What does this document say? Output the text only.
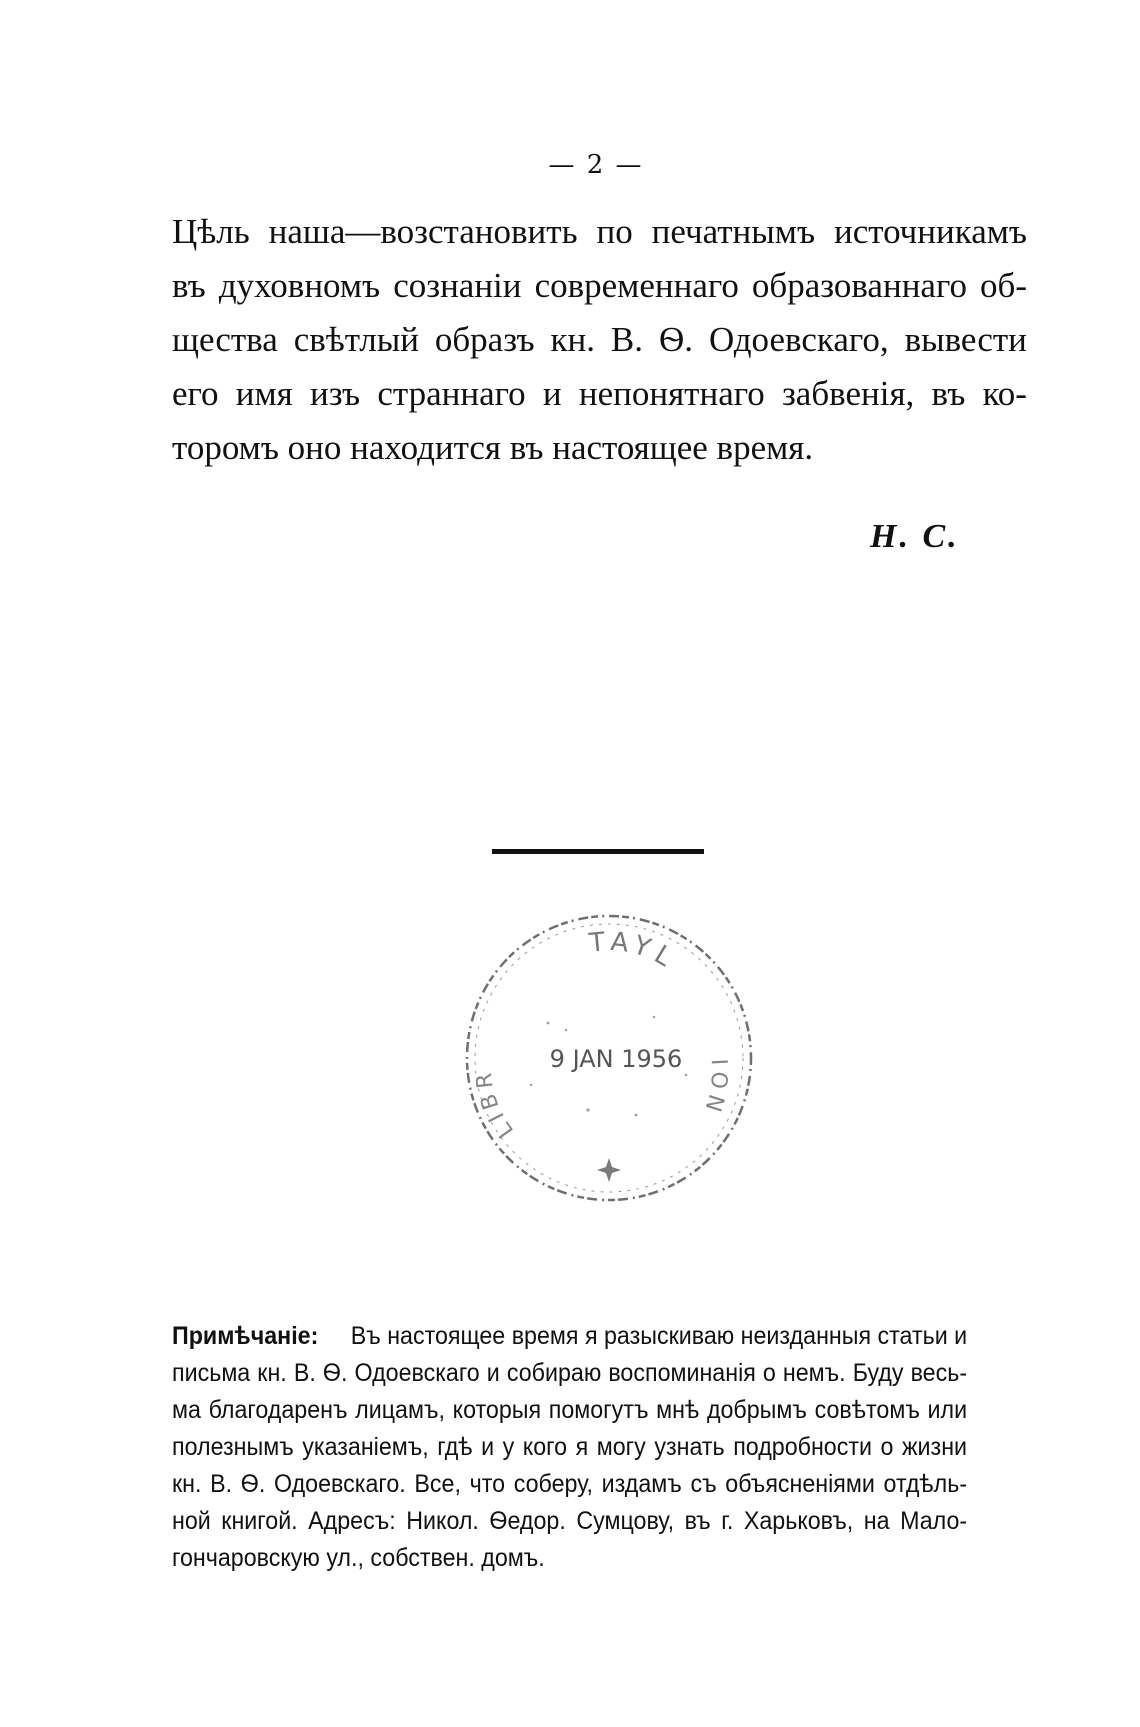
— 2 —
Цѣль наша—возстановить по печатнымъ источникамъ
въ духовномъ сознаніи современнаго образованнаго об-
щества свѣтлый образъ кн. В. Ѳ. Одоевскаго, вывести
его имя изъ страннаго и непонятнаго забвенія, въ ко-
торомъ оно находится въ настоящее время.
Н. С.
TAYL
LIBR
ION
9 JAN 1956
Примѣчаніе: Въ настоящее время я разыскиваю неизданныя статьи и
письма кн. В. Ѳ. Одоевскаго и собираю воспоминанія о немъ. Буду весь-
ма благодаренъ лицамъ, которыя помогутъ мнѣ добрымъ совѣтомъ или
полезнымъ указаніемъ, гдѣ и у кого я могу узнать подробности о жизни
кн. В. Ѳ. Одоевскаго. Все, что соберу, издамъ съ объясненіями отдѣль-
ной книгой. Адресъ: Никол. Ѳедор. Сумцову, въ г. Харьковъ, на Мало-
гончаровскую ул., собствен. домъ.
